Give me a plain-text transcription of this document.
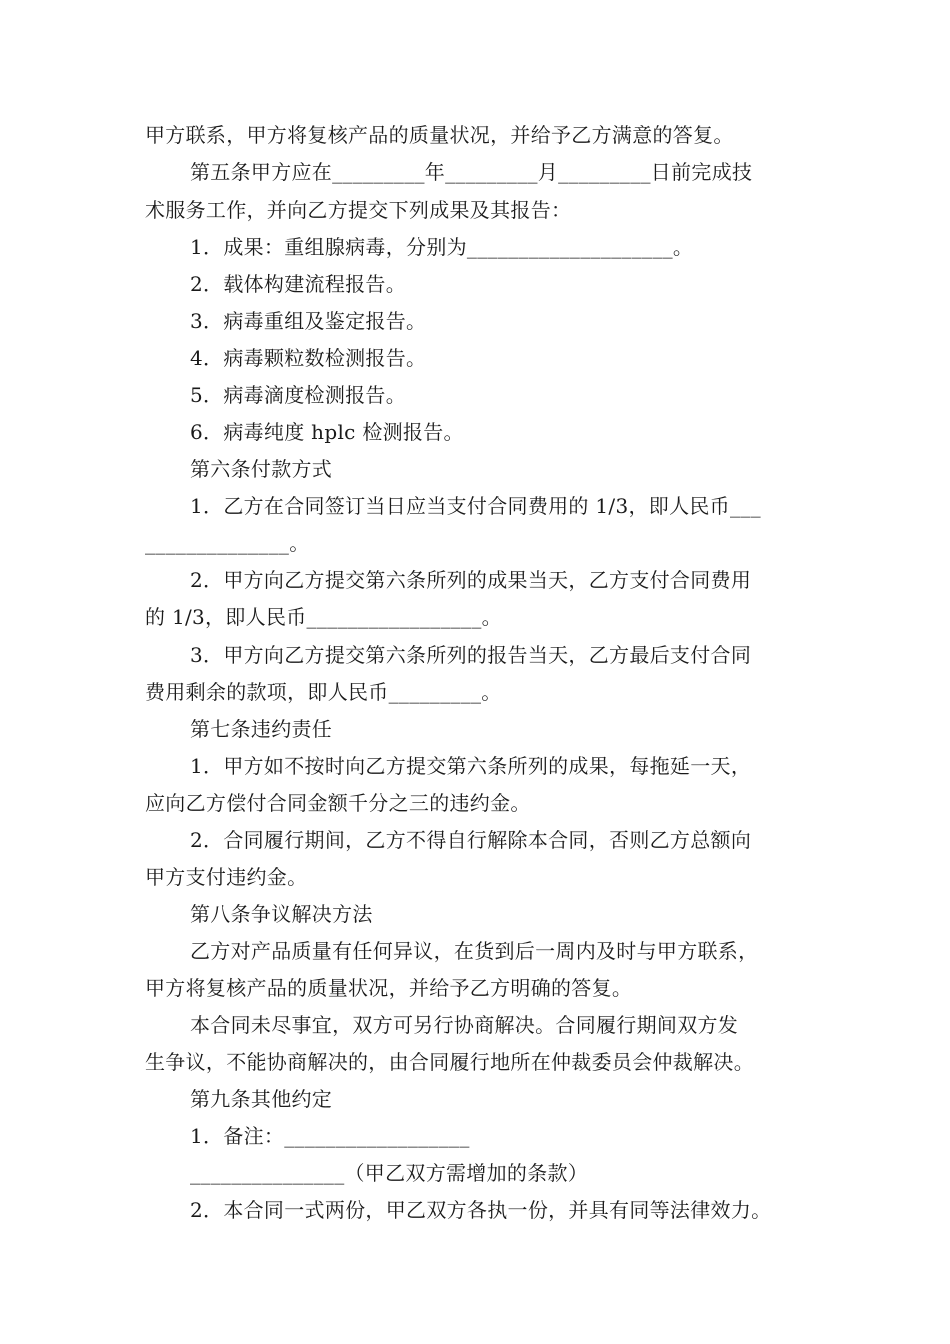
甲方联系，甲方将复核产品的质量状况，并给予乙方满意的答复。
第五条甲方应在_________年_________月_________日前完成技
术服务工作，并向乙方提交下列成果及其报告：
1．成果：重组腺病毒，分别为____________________。
2．载体构建流程报告。
3．病毒重组及鉴定报告。
4．病毒颗粒数检测报告。
5．病毒滴度检测报告。
6．病毒纯度 hplc 检测报告。
第六条付款方式
1．乙方在合同签订当日应当支付合同费用的 1/3，即人民币___
______________。
2．甲方向乙方提交第六条所列的成果当天，乙方支付合同费用
的 1/3，即人民币_________________。
3．甲方向乙方提交第六条所列的报告当天，乙方最后支付合同
费用剩余的款项，即人民币_________。
第七条违约责任
1．甲方如不按时向乙方提交第六条所列的成果，每拖延一天，
应向乙方偿付合同金额千分之三的违约金。
2．合同履行期间，乙方不得自行解除本合同，否则乙方总额向
甲方支付违约金。
第八条争议解决方法
乙方对产品质量有任何异议，在货到后一周内及时与甲方联系，
甲方将复核产品的质量状况，并给予乙方明确的答复。
本合同未尽事宜，双方可另行协商解决。合同履行期间双方发
生争议，不能协商解决的，由合同履行地所在仲裁委员会仲裁解决。
第九条其他约定
1．备注：__________________
_______________（甲乙双方需增加的条款）
2．本合同一式两份，甲乙双方各执一份，并具有同等法律效力。
